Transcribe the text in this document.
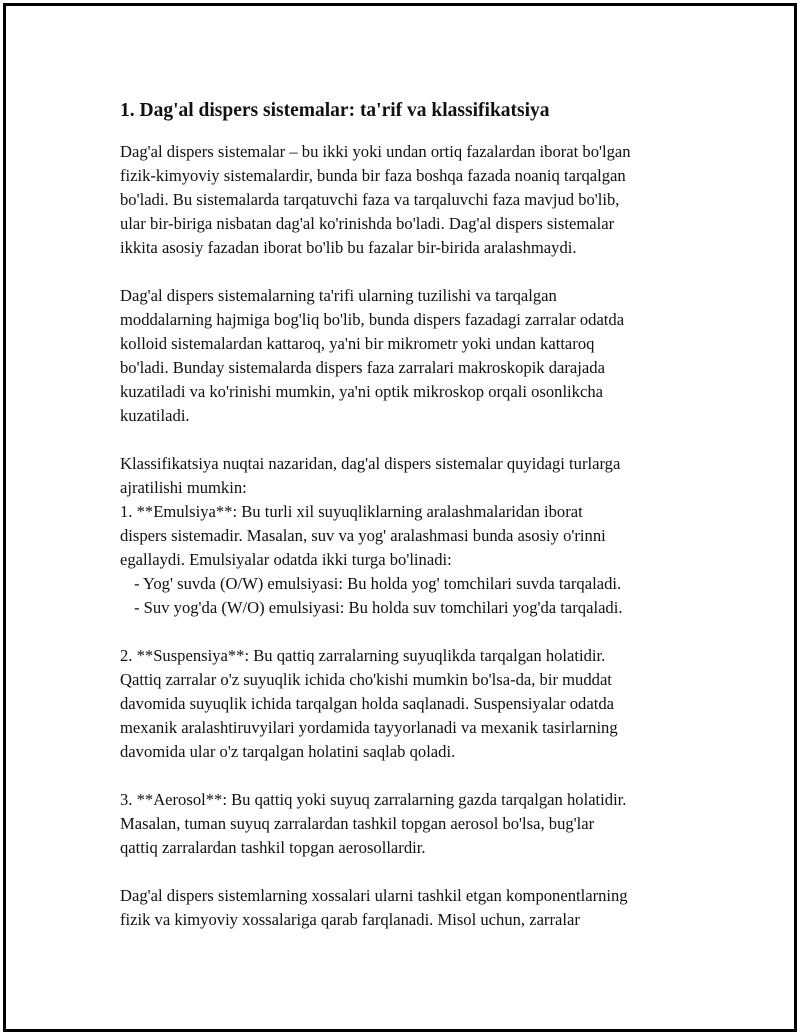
1. Dag'al dispers sistemalar: ta'rif va klassifikatsiya

Dag'al dispers sistemalar – bu ikki yoki undan ortiq fazalardan iborat bo'lgan
fizik-kimyoviy sistemalardir, bunda bir faza boshqa fazada noaniq tarqalgan
bo'ladi. Bu sistemalarda tarqatuvchi faza va tarqaluvchi faza mavjud bo'lib,
ular bir-biriga nisbatan dag'al ko'rinishda bo'ladi. Dag'al dispers sistemalar
ikkita asosiy fazadan iborat bo'lib bu fazalar bir-birida aralashmaydi.

Dag'al dispers sistemalarning ta'rifi ularning tuzilishi va tarqalgan
moddalarning hajmiga bog'liq bo'lib, bunda dispers fazadagi zarralar odatda
kolloid sistemalardan kattaroq, ya'ni bir mikrometr yoki undan kattaroq
bo'ladi. Bunday sistemalarda dispers faza zarralari makroskopik darajada
kuzatiladi va ko'rinishi mumkin, ya'ni optik mikroskop orqali osonlikcha
kuzatiladi.

Klassifikatsiya nuqtai nazaridan, dag'al dispers sistemalar quyidagi turlarga
ajratilishi mumkin:
1. **Emulsiya**: Bu turli xil suyuqliklarning aralashmalaridan iborat
dispers sistemadir. Masalan, suv va yog' aralashmasi bunda asosiy o'rinni
egallaydi. Emulsiyalar odatda ikki turga bo'linadi:
- Yog' suvda (O/W) emulsiyasi: Bu holda yog' tomchilari suvda tarqaladi.
- Suv yog'da (W/O) emulsiyasi: Bu holda suv tomchilari yog'da tarqaladi.

2. **Suspensiya**: Bu qattiq zarralarning suyuqlikda tarqalgan holatidir.
Qattiq zarralar o'z suyuqlik ichida cho'kishi mumkin bo'lsa-da, bir muddat
davomida suyuqlik ichida tarqalgan holda saqlanadi. Suspensiyalar odatda
mexanik aralashtiruvyilari yordamida tayyorlanadi va mexanik tasirlarning
davomida ular o'z tarqalgan holatini saqlab qoladi.

3. **Aerosol**: Bu qattiq yoki suyuq zarralarning gazda tarqalgan holatidir.
Masalan, tuman suyuq zarralardan tashkil topgan aerosol bo'lsa, bug'lar
qattiq zarralardan tashkil topgan aerosollardir.

Dag'al dispers sistemlarning xossalari ularni tashkil etgan komponentlarning
fizik va kimyoviy xossalariga qarab farqlanadi. Misol uchun, zarralar
